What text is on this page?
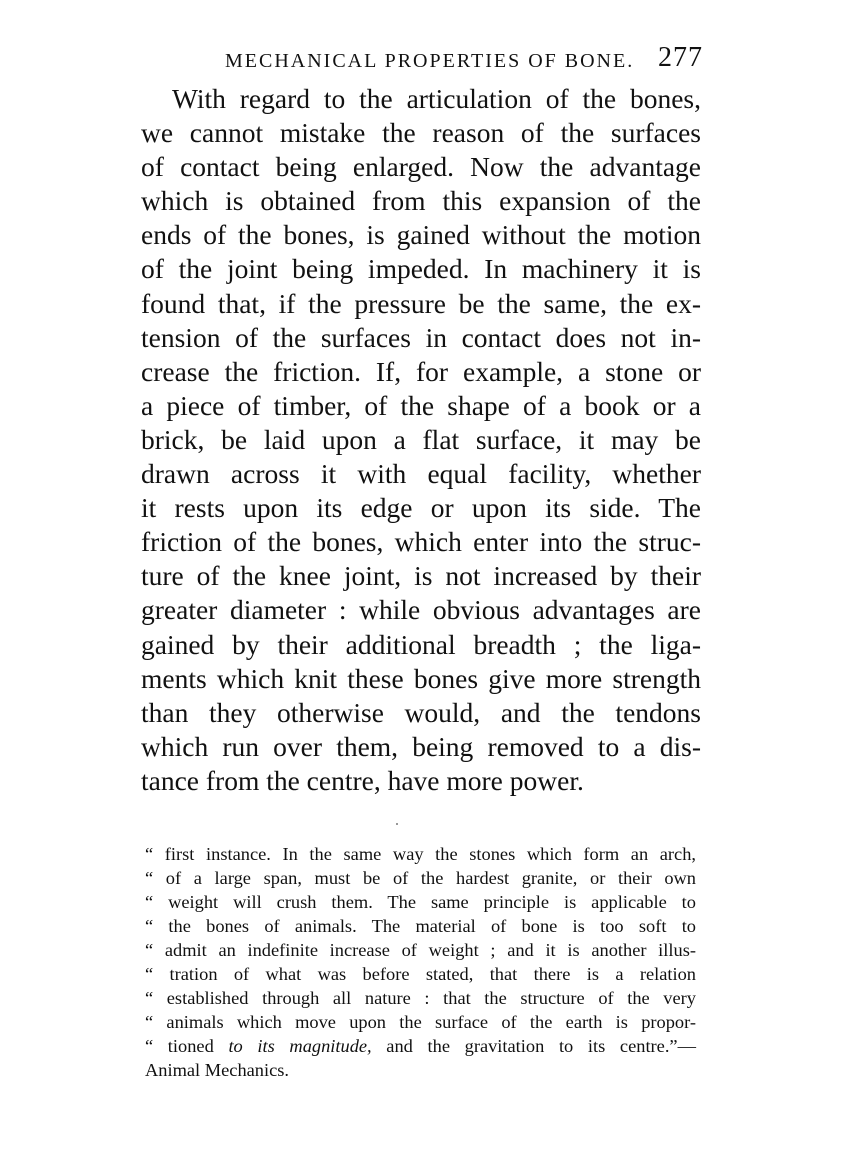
MECHANICAL PROPERTIES OF BONE. 277
With regard to the articulation of the bones,
we cannot mistake the reason of the surfaces
of contact being enlarged. Now the advantage
which is obtained from this expansion of the
ends of the bones, is gained without the motion
of the joint being impeded. In machinery it is
found that, if the pressure be the same, the ex-
tension of the surfaces in contact does not in-
crease the friction. If, for example, a stone or
a piece of timber, of the shape of a book or a
brick, be laid upon a flat surface, it may be
drawn across it with equal facility, whether
it rests upon its edge or upon its side. The
friction of the bones, which enter into the struc-
ture of the knee joint, is not increased by their
greater diameter : while obvious advantages are
gained by their additional breadth ; the liga-
ments which knit these bones give more strength
than they otherwise would, and the tendons
which run over them, being removed to a dis-
tance from the centre, have more power.
“ first instance. In the same way the stones which form an arch,
“ of a large span, must be of the hardest granite, or their own
“ weight will crush them. The same principle is applicable to
“ the bones of animals. The material of bone is too soft to
“ admit an indefinite increase of weight ; and it is another illus-
“ tration of what was before stated, that there is a relation
“ established through all nature : that the structure of the very
“ animals which move upon the surface of the earth is propor-
“ tioned to its magnitude, and the gravitation to its centre.”—
Animal Mechanics.
